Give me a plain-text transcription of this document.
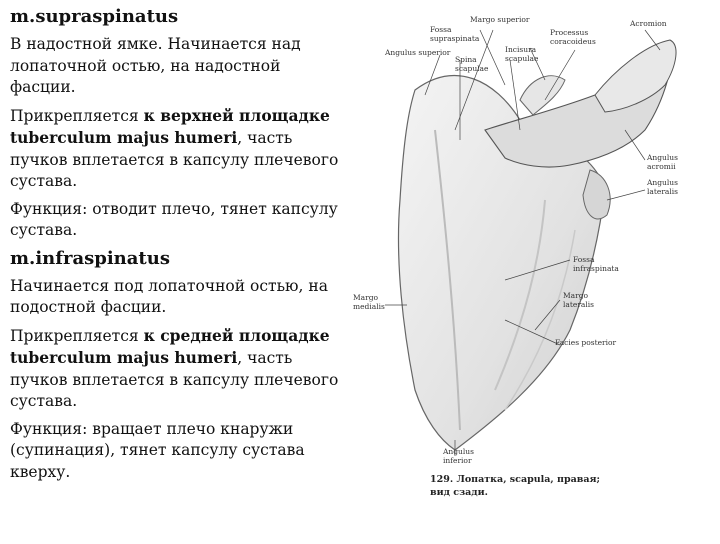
m.supraspinatus

В надостной ямке. Начинается над лопаточной остью, на надостной фасции.

Прикрепляется к верхней площадке tuberculum majus humeri, часть пучков вплетается в капсулу плечевого сустава.

Функция: отводит плечо, тянет капсулу сустава.

m.infraspinatus

Начинается под лопаточной остью, на подостной фасции.

Прикрепляется к средней площадке tuberculum majus humeri, часть пучков вплетается в капсулу плечевого сустава.

Функция: вращает плечо кнаружи (супинация), тянет капсулу сустава кверху.

Margo superior
Fossa
supraspinata
Processus
coracoideus
Acromion
Angulus superior
Spina
scapulae
Incisura
scapulae
Angulus
acromii
Angulus
lateralis
Fossa
infraspinata
Margo
medialis
Margo
lateralis
Facies posterior
Angulus
inferior
129. Лопатка, scapula, правая;
вид сзади.
